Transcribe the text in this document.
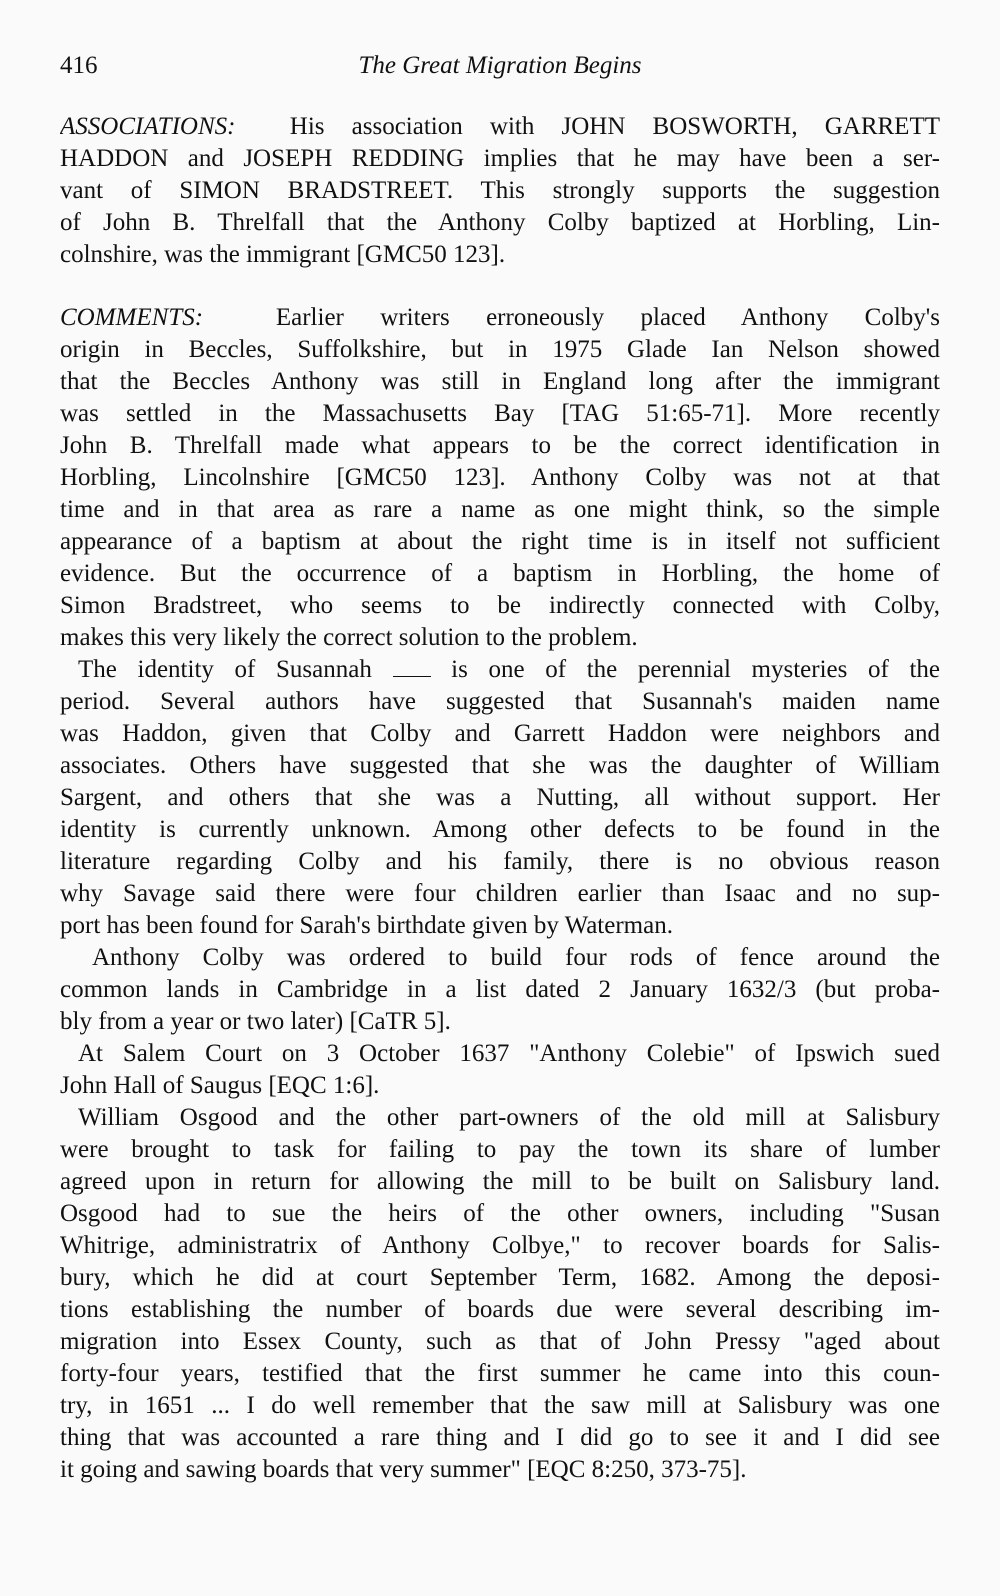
416	The Great Migration Begins
ASSOCIATIONS: His association with JOHN BOSWORTH, GARRETT
HADDON and JOSEPH REDDING implies that he may have been a ser-
vant of SIMON BRADSTREET. This strongly supports the suggestion
of John B. Threlfall that the Anthony Colby baptized at Horbling, Lin-
colnshire, was the immigrant [GMC50 123].
COMMENTS:	Earlier writers erroneously placed Anthony Colby's
origin in Beccles, Suffolkshire, but in 1975 Glade Ian Nelson showed
that the Beccles Anthony was still in England long after the immigrant
was settled in the Massachusetts Bay [TAG 51:65-71]. More recently
John B. Threlfall made what appears to be the correct identification in
Horbling, Lincolnshire [GMC50 123]. Anthony Colby was not at that
time and in that area as rare a name as one might think, so the simple
appearance of a baptism at about the right time is in itself not sufficient
evidence. But the occurrence of a baptism in Horbling, the home of
Simon Bradstreet, who seems to be indirectly connected with Colby,
makes this very likely the correct solution to the problem.
The identity of Susannah	is one of the perennial mysteries of the
period. Several authors have suggested that Susannah's maiden name
was Haddon, given that Colby and Garrett Haddon were neighbors and
associates. Others have suggested that she was the daughter of William
Sargent, and others that she was a Nutting, all without support. Her
identity is currently unknown. Among other defects to be found in the
literature regarding Colby and his family, there is no obvious reason
why Savage said there were four children earlier than Isaac and no sup-
port has been found for Sarah's birthdate given by Waterman.
Anthony Colby was ordered to build four rods of fence around the
common lands in Cambridge in a list dated 2 January 1632/3 (but proba-
bly from a year or two later) [CaTR 5].
At Salem Court on 3 October 1637 "Anthony Colebie" of Ipswich sued
John Hall of Saugus [EQC 1:6].
William Osgood and the other part-owners of the old mill at Salisbury
were brought to task for failing to pay the town its share of lumber
agreed upon in return for allowing the mill to be built on Salisbury land.
Osgood had to sue the heirs of the other owners, including "Susan
Whitrige, administratrix of Anthony Colbye," to recover boards for Salis-
bury, which he did at court September Term, 1682. Among the deposi-
tions establishing the number of boards due were several describing im-
migration into Essex County, such as that of John Pressy "aged about
forty-four years, testified that the first summer he came into this coun-
try, in 1651 ... I do well remember that the saw mill at Salisbury was one
thing that was accounted a rare thing and I did go to see it and I did see
it going and sawing boards that very summer" [EQC 8:250, 373-75].
